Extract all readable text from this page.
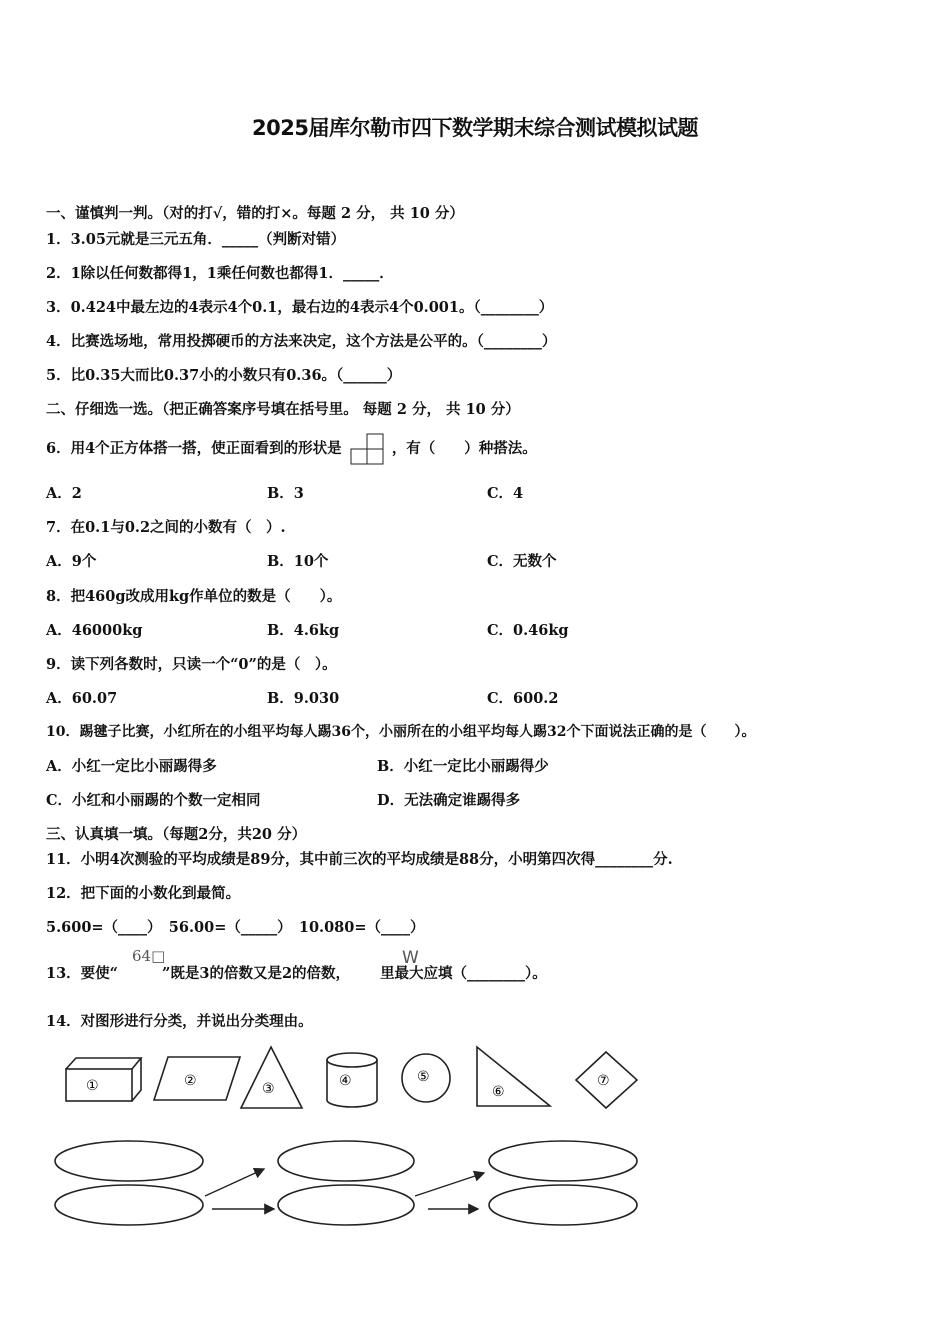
2025届库尔勒市四下数学期末综合测试模拟试题
一、谨慎判一判。（对的打√，错的打×。每题 2 分， 共 10 分）
1．3.05元就是三元五角．_____（判断对错）
2．1除以任何数都得1，1乘任何数也都得1．_____．
3．0.424中最左边的4表示4个0.1，最右边的4表示4个0.001。（________）
4．比赛选场地，常用投掷硬币的方法来决定，这个方法是公平的。（________）
5．比0.35大而比0.37小的小数只有0.36。（______）
二、仔细选一选。（把正确答案序号填在括号里。 每题 2 分， 共 10 分）
6．用4个正方体搭一搭，使正面看到的形状是	，有（　　）种搭法。
A．2	B．3	C．4
7．在0.1与0.2之间的小数有（　）.
A．9个	B．10个	C．无数个
8．把460g改成用kg作单位的数是（　　）。
A．46000kg	B．4.6kg	C．0.46kg
9．读下列各数时，只读一个“0”的是（　）。
A．60.07	B．9.030	C．600.2
10．踢毽子比赛，小红所在的小组平均每人踢36个，小丽所在的小组平均每人踢32个下面说法正确的是（　　）。
A．小红一定比小丽踢得多	B．小红一定比小丽踢得少
C．小红和小丽踢的个数一定相同	D．无法确定谁踢得多
三、认真填一填。（每题2分，共20 分）
11．小明4次测验的平均成绩是89分，其中前三次的平均成绩是88分，小明第四次得________分.
12．把下面的小数化到最简。
5.600=（____）　56.00=（_____）　10.080=（____）
13．要使“	”既是3的倍数又是2的倍数， 里最大应填（________）。
64□	W
14．对图形进行分类，并说出分类理由。
①	②	③	④	⑤
⑥
⑦
